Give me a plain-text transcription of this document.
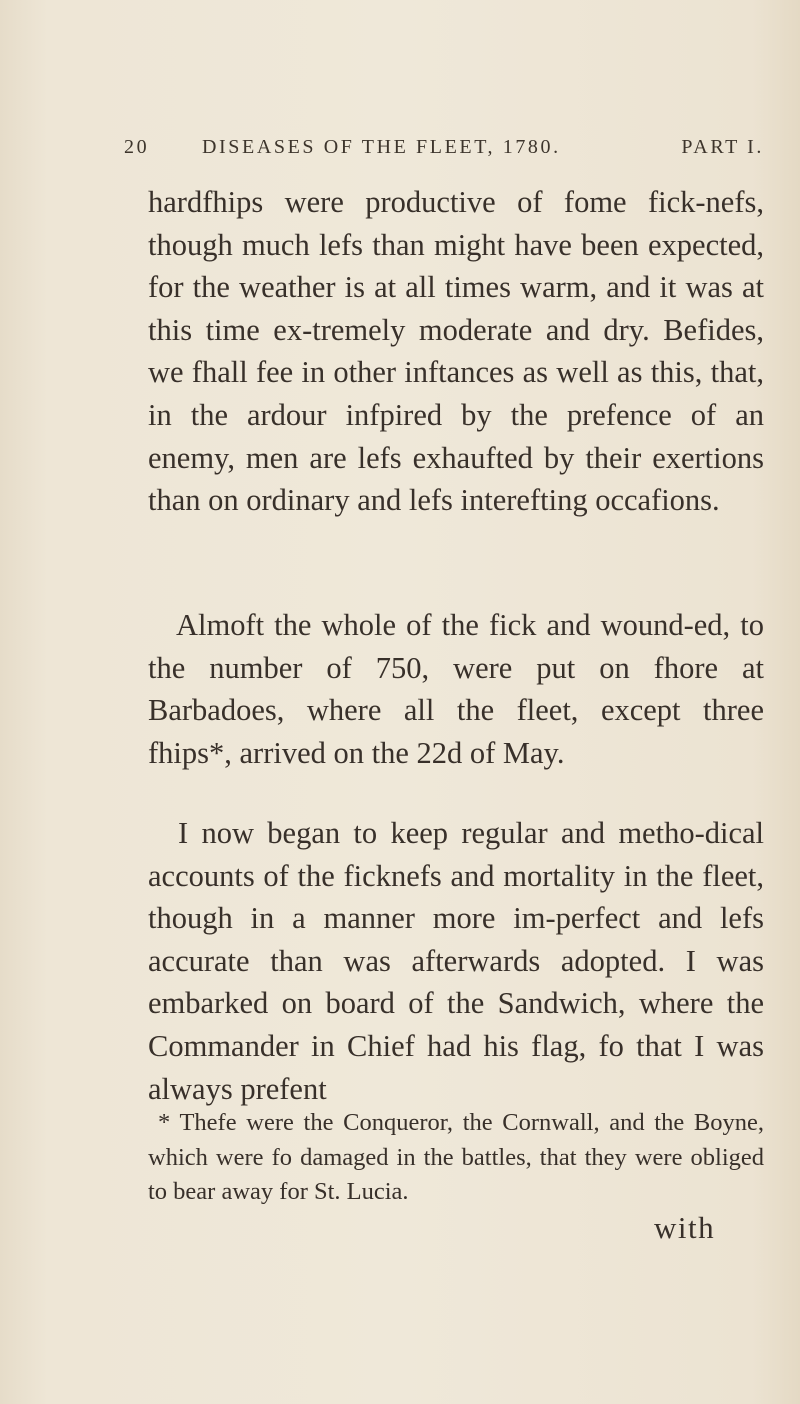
20	DISEASES OF THE FLEET, 1780.	PART I.

hardfhips were productive of fome fick-nefs, though much lefs than might have been expected, for the weather is at all times warm, and it was at this time ex-tremely moderate and dry. Befides, we fhall fee in other inftances as well as this, that, in the ardour infpired by the prefence of an enemy, men are lefs exhaufted by their exertions than on ordinary and lefs interefting occafions.

Almoft the whole of the fick and wound-ed, to the number of 750, were put on fhore at Barbadoes, where all the fleet, except three fhips*, arrived on the 22d of May.

I now began to keep regular and metho-dical accounts of the ficknefs and mortality in the fleet, though in a manner more im-perfect and lefs accurate than was afterwards adopted. I was embarked on board of the Sandwich, where the Commander in Chief had his flag, fo that I was always prefent

* Thefe were the Conqueror, the Cornwall, and the Boyne, which were fo damaged in the battles, that they were obliged to bear away for St. Lucia.

with
